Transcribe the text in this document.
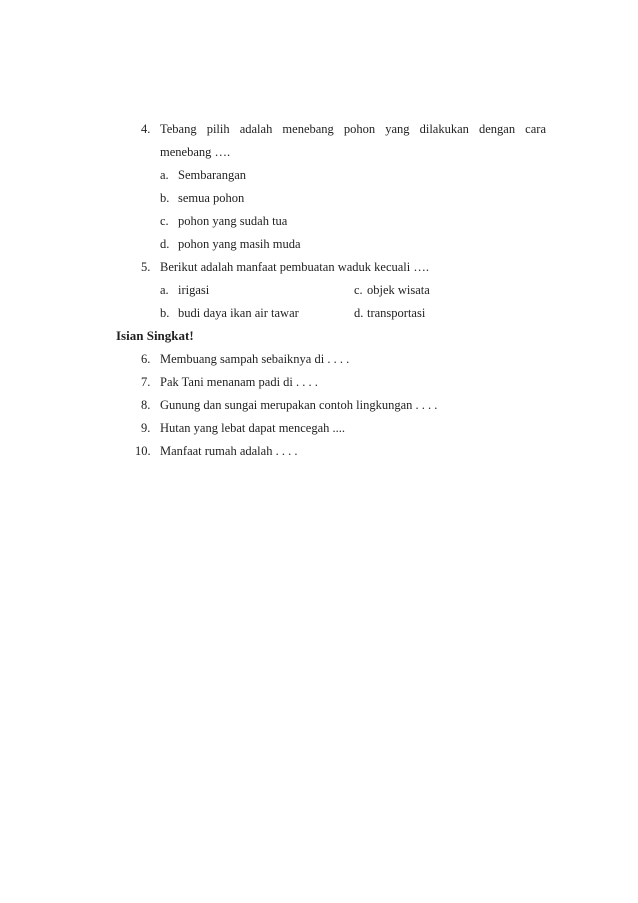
4. Tebang pilih adalah menebang pohon yang dilakukan dengan cara
menebang ….
a. Sembarangan
b. semua pohon
c. pohon yang sudah tua
d. pohon yang masih muda
5. Berikut adalah manfaat pembuatan waduk kecuali ….
a. irigasi	c. objek wisata
b. budi daya ikan air tawar	d. transportasi
Isian Singkat!
6. Membuang sampah sebaiknya di . . . .
7. Pak Tani menanam padi di . . . .
8. Gunung dan sungai merupakan contoh lingkungan . . . .
9. Hutan yang lebat dapat mencegah ....
10. Manfaat rumah adalah . . . .
